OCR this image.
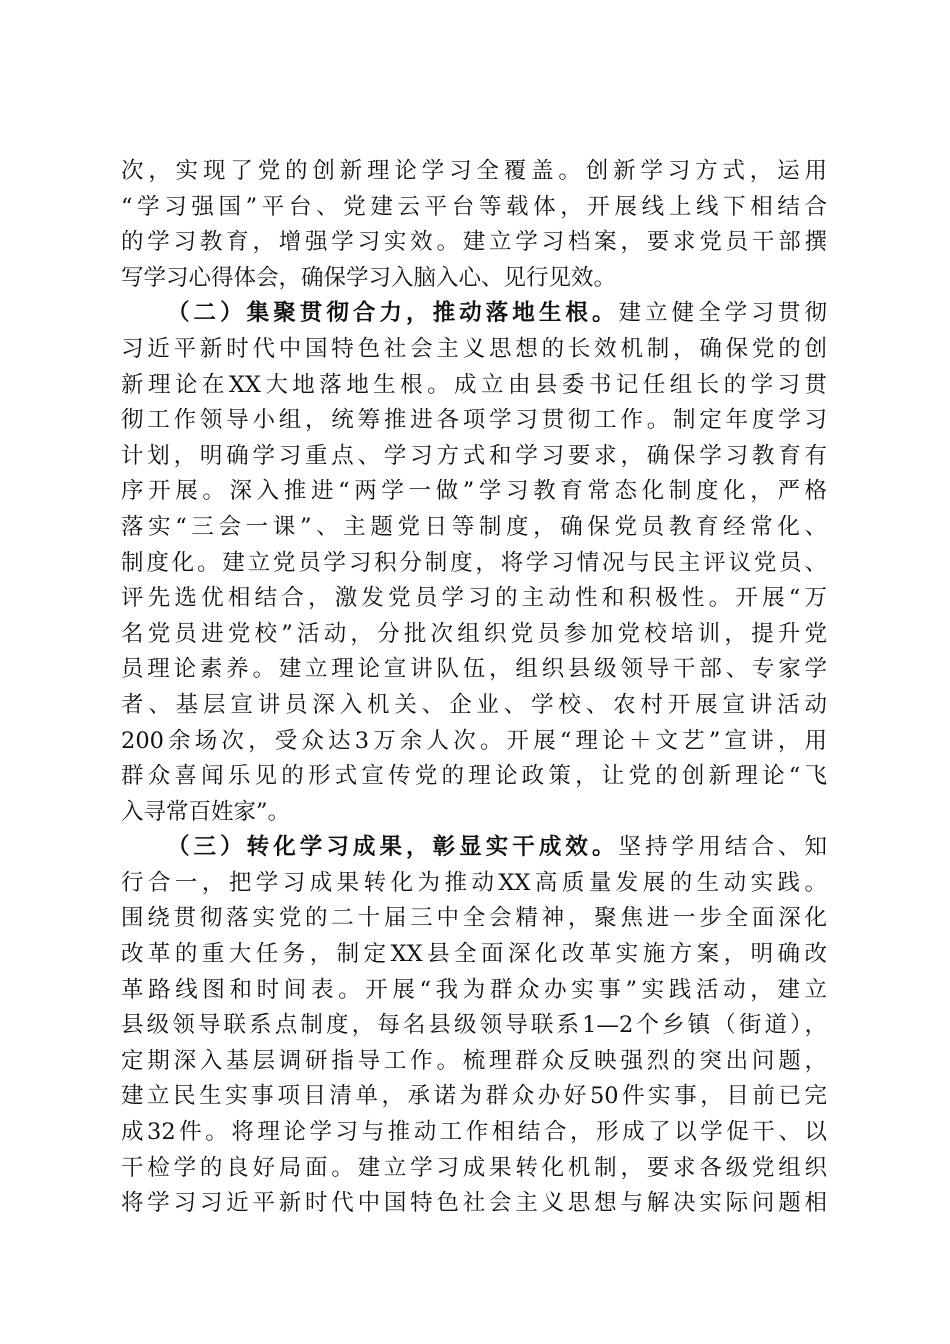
次，实现了党的创新理论学习全覆盖。创新学习方式，运用
“学习强国”平台、党建云平台等载体，开展线上线下相结合
的学习教育，增强学习实效。建立学习档案，要求党员干部撰
写学习心得体会，确保学习入脑入心、见行见效。
（二）集聚贯彻合力，推动落地生根。建立健全学习贯彻
习近平新时代中国特色社会主义思想的长效机制，确保党的创
新理论在XX大地落地生根。成立由县委书记任组长的学习贯
彻工作领导小组，统筹推进各项学习贯彻工作。制定年度学习
计划，明确学习重点、学习方式和学习要求，确保学习教育有
序开展。深入推进“两学一做”学习教育常态化制度化，严格
落实“三会一课”、主题党日等制度，确保党员教育经常化、
制度化。建立党员学习积分制度，将学习情况与民主评议党员、
评先选优相结合，激发党员学习的主动性和积极性。开展“万
名党员进党校”活动，分批次组织党员参加党校培训，提升党
员理论素养。建立理论宣讲队伍，组织县级领导干部、专家学
者、基层宣讲员深入机关、企业、学校、农村开展宣讲活动
200余场次，受众达3万余人次。开展“理论＋文艺”宣讲，用
群众喜闻乐见的形式宣传党的理论政策，让党的创新理论“飞
入寻常百姓家”。
（三）转化学习成果，彰显实干成效。坚持学用结合、知
行合一，把学习成果转化为推动XX高质量发展的生动实践。
围绕贯彻落实党的二十届三中全会精神，聚焦进一步全面深化
改革的重大任务，制定XX县全面深化改革实施方案，明确改
革路线图和时间表。开展“我为群众办实事”实践活动，建立
县级领导联系点制度，每名县级领导联系1—2个乡镇（街道），
定期深入基层调研指导工作。梳理群众反映强烈的突出问题，
建立民生实事项目清单，承诺为群众办好50件实事，目前已完
成32件。将理论学习与推动工作相结合，形成了以学促干、以
干检学的良好局面。建立学习成果转化机制，要求各级党组织
将学习习近平新时代中国特色社会主义思想与解决实际问题相
